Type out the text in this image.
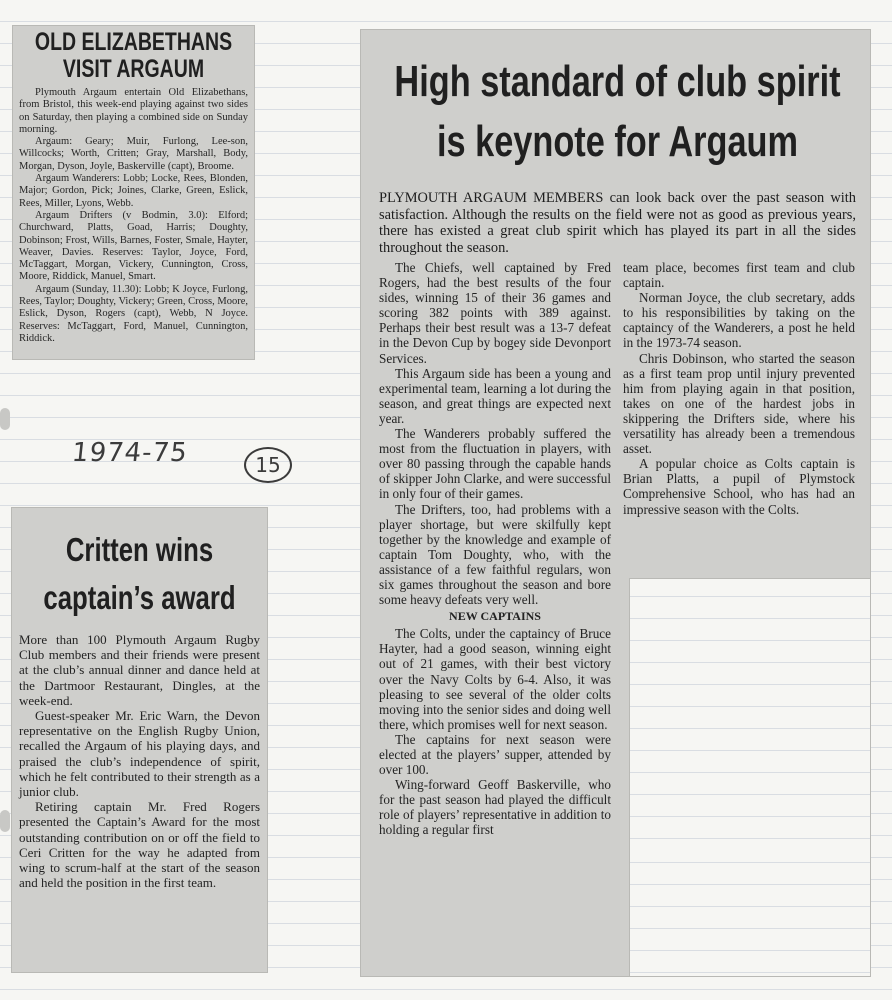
OLD ELIZABETHANS
VISIT ARGAUM

Plymouth Argaum entertain Old Elizabethans, from Bristol, this week-end playing against two sides on Saturday, then playing a combined side on Sunday morning.

Argaum: Geary; Muir, Furlong, Lee-son, Willcocks; Worth, Critten; Gray, Marshall, Body, Morgan, Dyson, Joyle, Baskerville (capt), Broome.

Argaum Wanderers: Lobb; Locke, Rees, Blonden, Major; Gordon, Pick; Joines, Clarke, Green, Eslick, Rees, Miller, Lyons, Webb.

Argaum Drifters (v Bodmin, 3.0): Elford; Churchward, Platts, Goad, Harris; Doughty, Dobinson; Frost, Wills, Barnes, Foster, Smale, Hayter, Weaver, Davies. Reserves: Taylor, Joyce, Ford, McTaggart, Morgan, Vickery, Cunnington, Cross, Moore, Riddick, Manuel, Smart.

Argaum (Sunday, 11.30): Lobb; K Joyce, Furlong, Rees, Taylor; Doughty, Vickery; Green, Cross, Moore, Eslick, Dyson, Rogers (capt), Webb, N Joyce. Reserves: McTaggart, Ford, Manuel, Cunnington, Riddick.

1974-75	15
Critten wins
captain’s award

More than 100 Plymouth Argaum Rugby Club members and their friends were present at the club’s annual dinner and dance held at the Dartmoor Restaurant, Dingles, at the week-end.

Guest-speaker Mr. Eric Warn, the Devon representative on the English Rugby Union, recalled the Argaum of his playing days, and praised the club’s independence of spirit, which he felt contributed to their strength as a junior club.

Retiring captain Mr. Fred Rogers presented the Captain’s Award for the most outstanding contribution on or off the field to Ceri Critten for the way he adapted from wing to scrum-half at the start of the season and held the position in the first team.

High standard of club spirit
is keynote for Argaum

PLYMOUTH ARGAUM MEMBERS can look back over the past season with satisfaction. Although the results on the field were not as good as previous years, there has existed a great club spirit which has played its part in all the sides throughout the season.

The Chiefs, well captained by Fred Rogers, had the best results of the four sides, winning 15 of their 36 games and scoring 382 points with 389 against. Perhaps their best result was a 13-7 defeat in the Devon Cup by bogey side Devonport Services.

This Argaum side has been a young and experimental team, learning a lot during the season, and great things are expected next year.

The Wanderers probably suffered the most from the fluctuation in players, with over 80 passing through the capable hands of skipper John Clarke, and were successful in only four of their games.

The Drifters, too, had problems with a player shortage, but were skilfully kept together by the knowledge and example of captain Tom Doughty, who, with the assistance of a few faithful regulars, won six games throughout the season and bore some heavy defeats very well.

NEW CAPTAINS

The Colts, under the captaincy of Bruce Hayter, had a good season, winning eight out of 21 games, with their best victory over the Navy Colts by 6-4. Also, it was pleasing to see several of the older colts moving into the senior sides and doing well there, which promises well for next season.

The captains for next season were elected at the players’ supper, attended by over 100.

Wing-forward Geoff Baskerville, who for the past season had played the difficult role of players’ representative in addition to holding a regular first

team place, becomes first team and club captain.

Norman Joyce, the club secretary, adds to his responsibilities by taking on the captaincy of the Wanderers, a post he held in the 1973-74 season.

Chris Dobinson, who started the season as a first team prop until injury prevented him from playing again in that position, takes on one of the hardest jobs in skippering the Drifters side, where his versatility has already been a tremendous asset.

A popular choice as Colts captain is Brian Platts, a pupil of Plymstock Comprehensive School, who has had an impressive season with the Colts.
